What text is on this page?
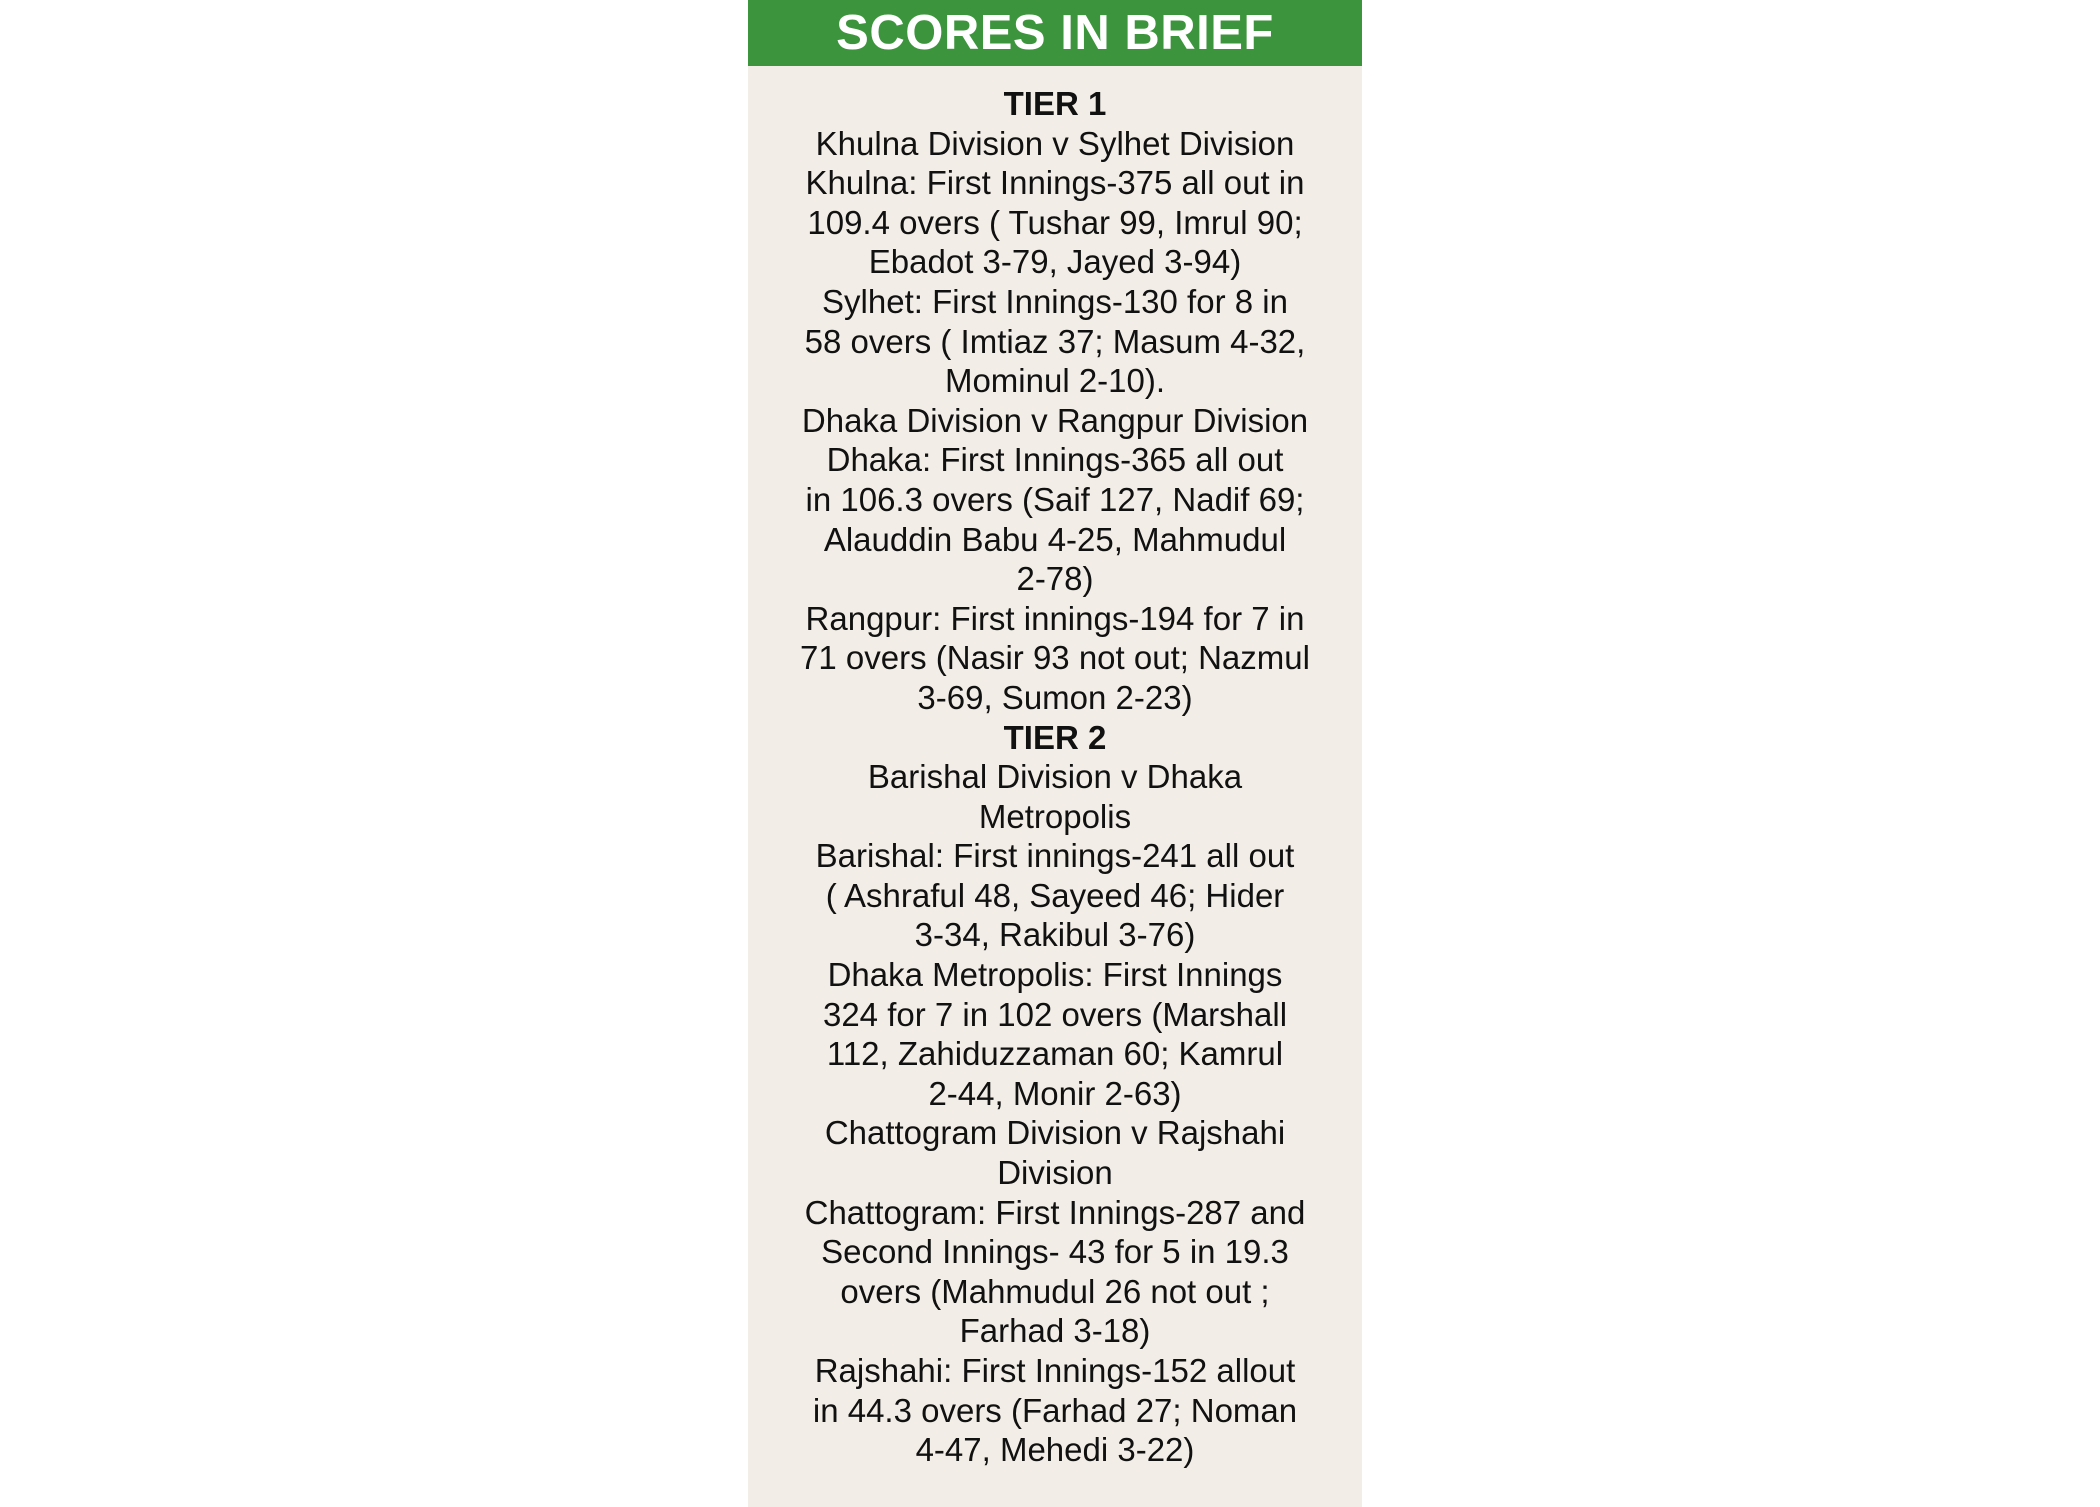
SCORES IN BRIEF
TIER 1
Khulna Division v Sylhet Division
Khulna: First Innings-375 all out in
109.4 overs ( Tushar 99, Imrul 90;
Ebadot 3-79, Jayed 3-94)
Sylhet: First Innings-130 for 8 in
58 overs ( Imtiaz 37; Masum 4-32,
Mominul 2-10).
Dhaka Division v Rangpur Division
Dhaka: First Innings-365 all out
in 106.3 overs (Saif 127, Nadif 69;
Alauddin Babu 4-25, Mahmudul
2-78)
Rangpur: First innings-194 for 7 in
71 overs (Nasir 93 not out; Nazmul
3-69, Sumon 2-23)
TIER 2
Barishal Division v Dhaka
Metropolis
Barishal: First innings-241 all out
( Ashraful 48, Sayeed 46; Hider
3-34, Rakibul 3-76)
Dhaka Metropolis: First Innings
324 for 7 in 102 overs (Marshall
112, Zahiduzzaman 60; Kamrul
2-44, Monir 2-63)
Chattogram Division v Rajshahi
Division
Chattogram: First Innings-287 and
Second Innings- 43 for 5 in 19.3
overs (Mahmudul 26 not out ;
Farhad 3-18)
Rajshahi: First Innings-152 allout
in 44.3 overs (Farhad 27; Noman
4-47, Mehedi 3-22)
